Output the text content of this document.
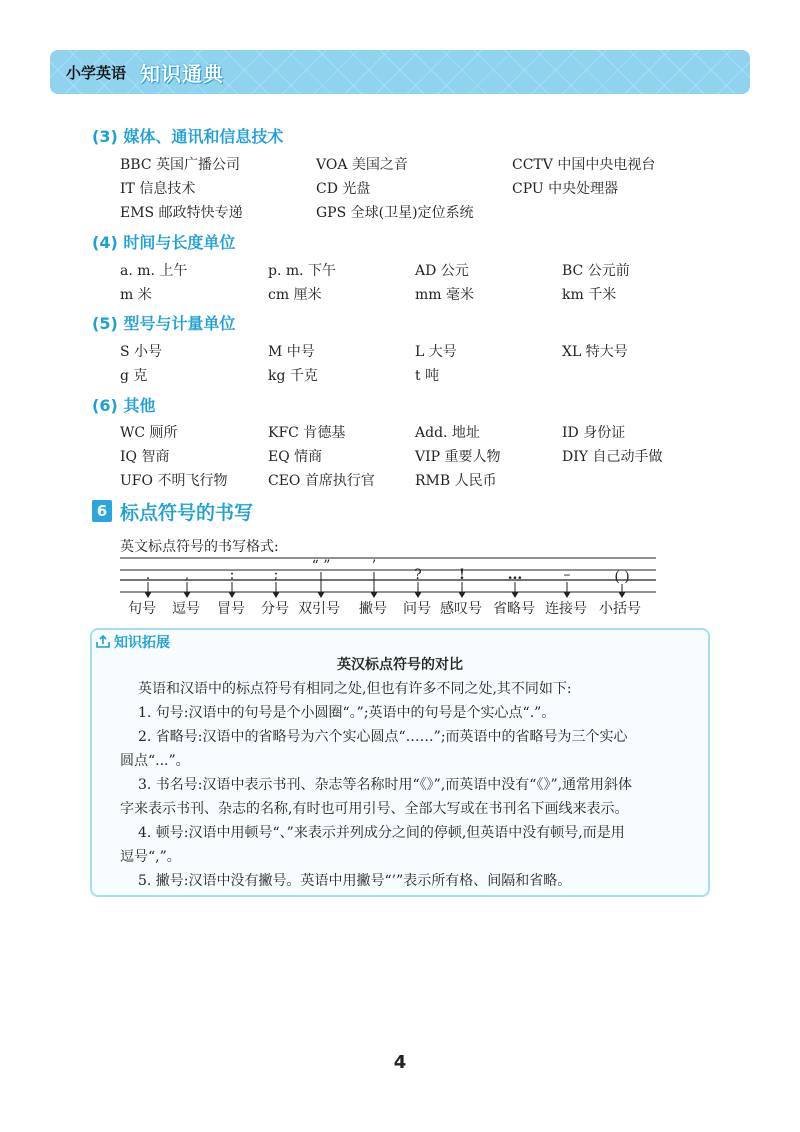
小学英语 知识通典
(3) 媒体、通讯和信息技术
BBC 英国广播公司	VOA 美国之音	CCTV 中国中央电视台
IT 信息技术	CD 光盘	CPU 中央处理器
EMS 邮政特快专递	GPS 全球(卫星)定位系统
(4) 时间与长度单位
a. m. 上午	p. m. 下午	AD 公元	BC 公元前
m 米	cm 厘米	mm 毫米	km 千米
(5) 型号与计量单位
S 小号	M 中号	L 大号	XL 特大号
g 克	kg 千克	t 吨
(6) 其他
WC 厕所	KFC 肯德基	Add. 地址	ID 身份证
IQ 智商	EQ 情商	VIP 重要人物	DIY 自己动手做
UFO 不明飞行物	CEO 首席执行官	RMB 人民币
6 标点符号的书写
英文标点符号的书写格式:
. ,	:	;
“ ”	’
?	!	...	–	( )
句号 逗号 冒号 分号 双引号 撇号 问号 感叹号 省略号 连接号 小括号
知识拓展
英汉标点符号的对比
英语和汉语中的标点符号有相同之处,但也有许多不同之处,其不同如下:
1. 句号:汉语中的句号是个小圆圈“。”;英语中的句号是个实心点“.”。
2. 省略号:汉语中的省略号为六个实心圆点“……”;而英语中的省略号为三个实心
圆点“...”。
3. 书名号:汉语中表示书刊、杂志等名称时用“《》”,而英语中没有“《》”,通常用斜体
字来表示书刊、杂志的名称,有时也可用引号、全部大写或在书刊名下画线来表示。
4. 顿号:汉语中用顿号“、”来表示并列成分之间的停顿,但英语中没有顿号,而是用
逗号“,”。
5. 撇号:汉语中没有撇号。英语中用撇号“’”表示所有格、间隔和省略。
4
